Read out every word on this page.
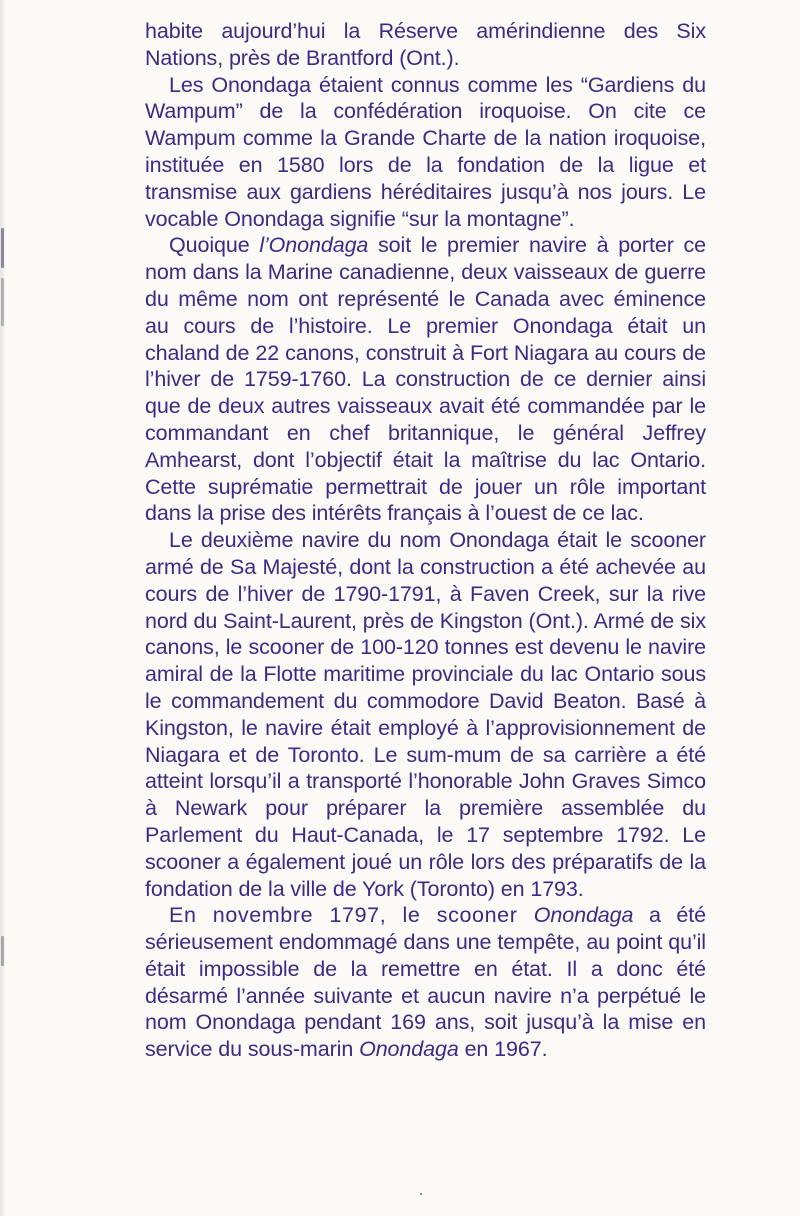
habite aujourd’hui la Réserve amérindienne des Six Nations, près de Brantford (Ont.).

Les Onondaga étaient connus comme les “Gardiens du Wampum” de la confédération iroquoise. On cite ce Wampum comme la Grande Charte de la nation iroquoise, instituée en 1580 lors de la fondation de la ligue et transmise aux gardiens héréditaires jusqu’à nos jours. Le vocable Onondaga signifie “sur la montagne”.

Quoique l’Onondaga soit le premier navire à porter ce nom dans la Marine canadienne, deux vaisseaux de guerre du même nom ont représenté le Canada avec éminence au cours de l’histoire. Le premier Onondaga était un chaland de 22 canons, construit à Fort Niagara au cours de l’hiver de 1759-1760. La construction de ce dernier ainsi que de deux autres vaisseaux avait été commandée par le commandant en chef britannique, le général Jeffrey Amhearst, dont l’objectif était la maîtrise du lac Ontario. Cette suprématie permettrait de jouer un rôle important dans la prise des intérêts français à l’ouest de ce lac.

Le deuxième navire du nom Onondaga était le scooner armé de Sa Majesté, dont la construction a été achevée au cours de l’hiver de 1790-1791, à Faven Creek, sur la rive nord du Saint-Laurent, près de Kingston (Ont.). Armé de six canons, le scooner de 100-120 tonnes est devenu le navire amiral de la Flotte maritime provinciale du lac Ontario sous le commandement du commodore David Beaton. Basé à Kingston, le navire était employé à l’approvisionnement de Niagara et de Toronto. Le sum-mum de sa carrière a été atteint lorsqu’il a transporté l’honorable John Graves Simco à Newark pour préparer la première assemblée du Parlement du Haut-Canada, le 17 septembre 1792. Le scooner a également joué un rôle lors des préparatifs de la fondation de la ville de York (Toronto) en 1793.

En novembre 1797, le scooner Onondaga a été sérieusement endommagé dans une tempête, au point qu’il était impossible de la remettre en état. Il a donc été désarmé l’année suivante et aucun navire n’a perpétué le nom Onondaga pendant 169 ans, soit jusqu’à la mise en service du sous-marin Onondaga en 1967.
